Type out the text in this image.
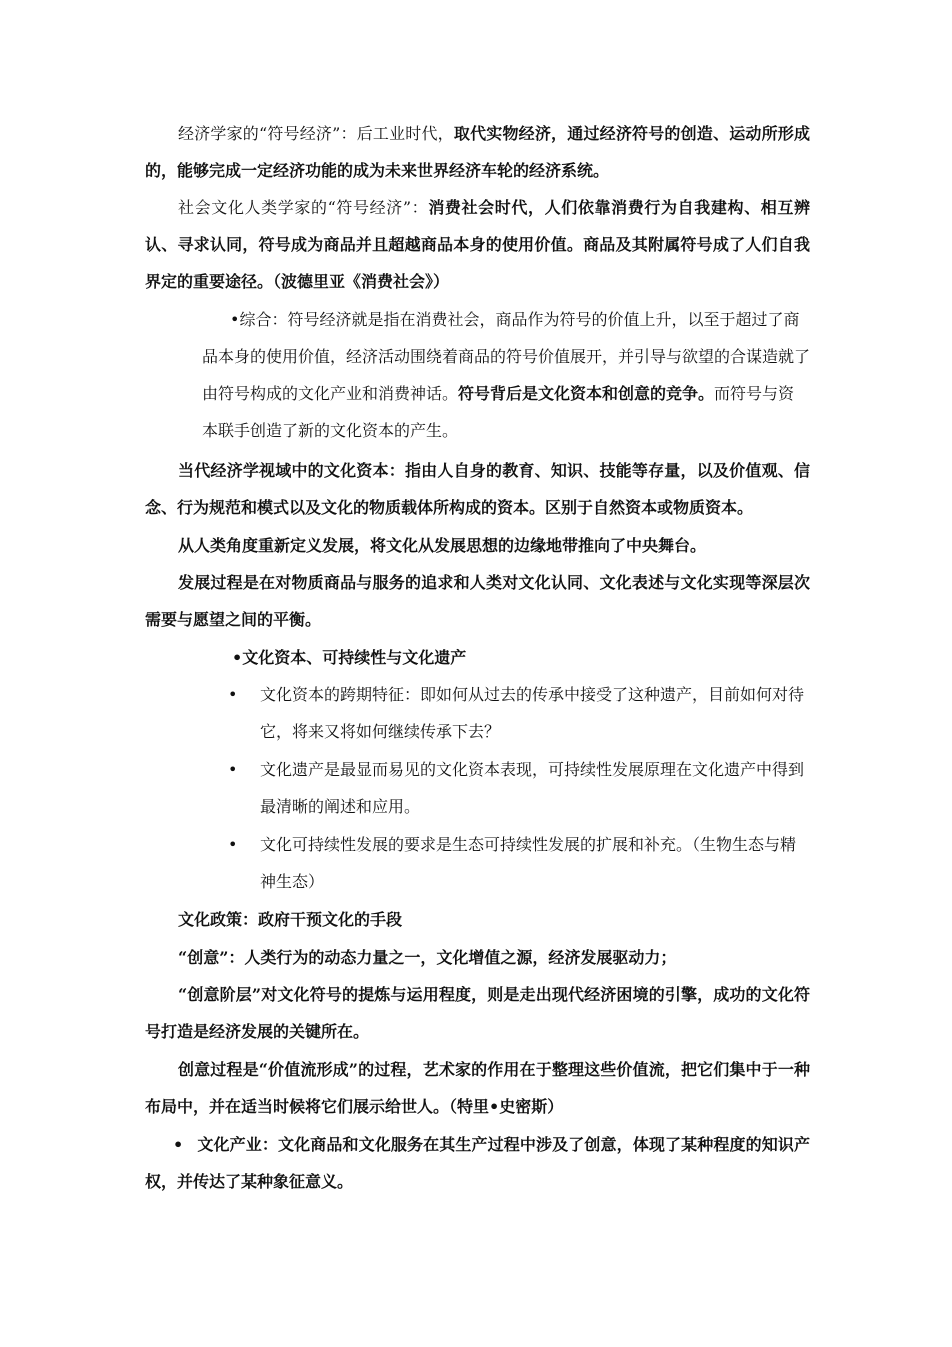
经济学家的“符号经济”：后工业时代，取代实物经济，通过经济符号的创造、运动所形成的，能够完成一定经济功能的成为未来世界经济车轮的经济系统。

社会文化人类学家的“符号经济”：消费社会时代，人们依靠消费行为自我建构、相互辨认、寻求认同，符号成为商品并且超越商品本身的使用价值。商品及其附属符号成了人们自我界定的重要途径。（波德里亚《消费社会》）

•综合：符号经济就是指在消费社会，商品作为符号的价值上升，以至于超过了商品本身的使用价值，经济活动围绕着商品的符号价值展开，并引导与欲望的合谋造就了由符号构成的文化产业和消费神话。符号背后是文化资本和创意的竞争。而符号与资本联手创造了新的文化资本的产生。

当代经济学视域中的文化资本：指由人自身的教育、知识、技能等存量，以及价值观、信念、行为规范和模式以及文化的物质载体所构成的资本。区别于自然资本或物质资本。

从人类角度重新定义发展，将文化从发展思想的边缘地带推向了中央舞台。

发展过程是在对物质商品与服务的追求和人类对文化认同、文化表述与文化实现等深层次需要与愿望之间的平衡。

•文化资本、可持续性与文化遗产

•	文化资本的跨期特征：即如何从过去的传承中接受了这种遗产，目前如何对待它，将来又将如何继续传承下去？
•	文化遗产是最显而易见的文化资本表现，可持续性发展原理在文化遗产中得到最清晰的阐述和应用。
•	文化可持续性发展的要求是生态可持续性发展的扩展和补充。（生物生态与精神生态）

文化政策：政府干预文化的手段

“创意”：人类行为的动态力量之一，文化增值之源，经济发展驱动力；

“创意阶层”对文化符号的提炼与运用程度，则是走出现代经济困境的引擎，成功的文化符号打造是经济发展的关键所在。

创意过程是“价值流形成”的过程，艺术家的作用在于整理这些价值流，把它们集中于一种布局中，并在适当时候将它们展示给世人。（特里•史密斯）

• 文化产业：文化商品和文化服务在其生产过程中涉及了创意，体现了某种程度的知识产权，并传达了某种象征意义。
